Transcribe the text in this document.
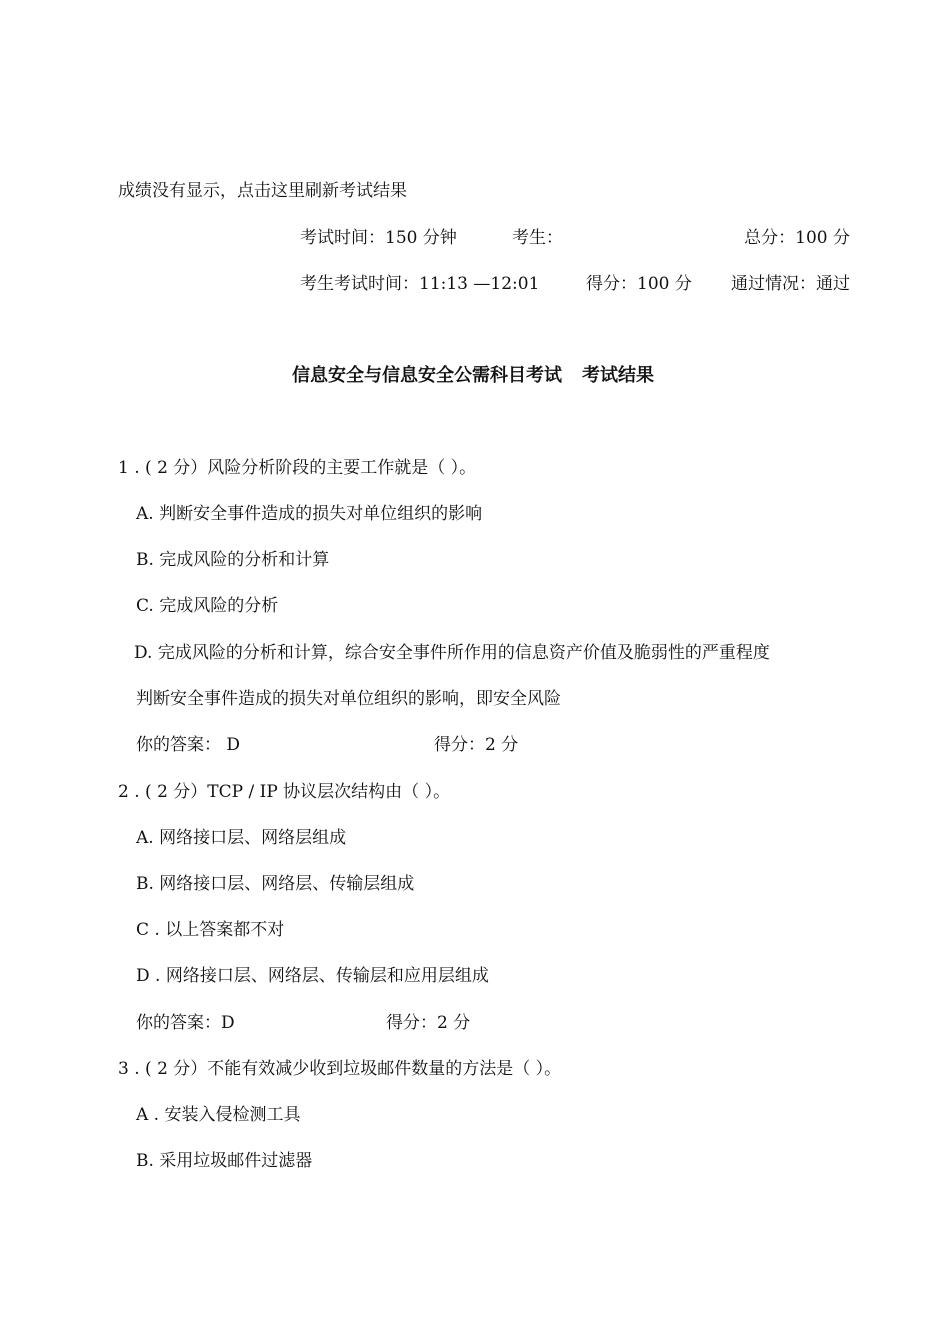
成绩没有显示，点击这里刷新考试结果
考试时间：150 分钟	考生：	总分：100 分
考生考试时间：11:13 —12:01	得分：100 分 通过情况：通过
信息安全与信息安全公需科目考试 考试结果
1 . ( 2 分）风险分析阶段的主要工作就是（ ）。
A. 判断安全事件造成的损失对单位组织的影响
B. 完成风险的分析和计算
C. 完成风险的分析
D. 完成风险的分析和计算，综合安全事件所作用的信息资产价值及脆弱性的严重程度
判断安全事件造成的损失对单位组织的影响，即安全风险
你的答案： D	得分：2 分
2 . ( 2 分）TCP / IP 协议层次结构由（ ）。
A. 网络接口层、网络层组成
B. 网络接口层、网络层、传输层组成
C . 以上答案都不对
D . 网络接口层、网络层、传输层和应用层组成
你的答案：D	得分：2 分
3 . ( 2 分）不能有效减少收到垃圾邮件数量的方法是（ ）。
A . 安装入侵检测工具
B. 采用垃圾邮件过滤器
